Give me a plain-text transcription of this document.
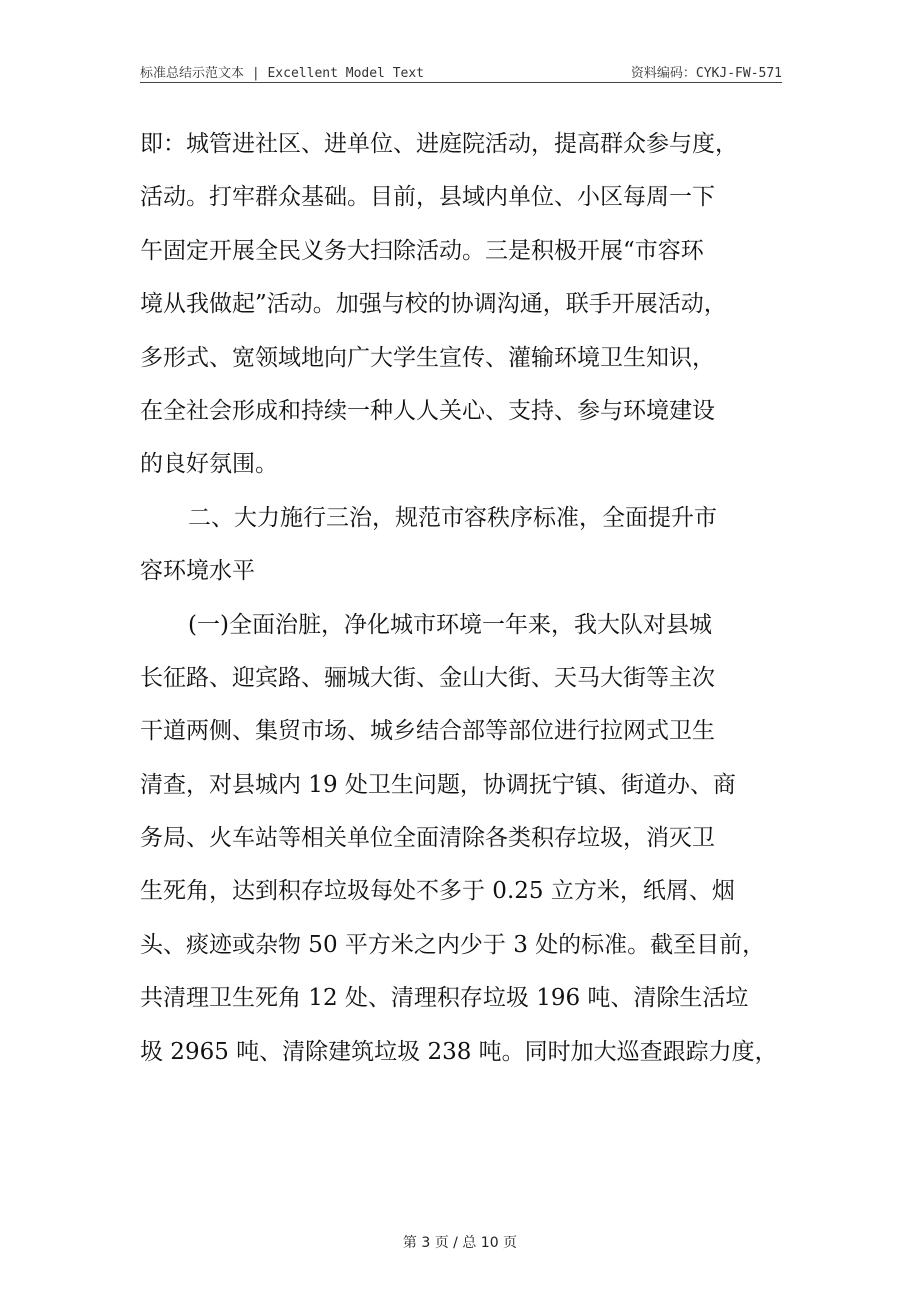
标准总结示范文本 | Excellent Model Text	资料编码：CYKJ-FW-571
即：城管进社区、进单位、进庭院活动，提高群众参与度，
活动。打牢群众基础。目前，县域内单位、小区每周一下
午固定开展全民义务大扫除活动。三是积极开展“市容环
境从我做起”活动。加强与校的协调沟通，联手开展活动，
多形式、宽领域地向广大学生宣传、灌输环境卫生知识，
在全社会形成和持续一种人人关心、支持、参与环境建设
的良好氛围。
二、大力施行三治，规范市容秩序标准，全面提升市
容环境水平
(一)全面治脏，净化城市环境一年来，我大队对县城
长征路、迎宾路、骊城大街、金山大街、天马大街等主次
干道两侧、集贸市场、城乡结合部等部位进行拉网式卫生
清查，对县城内 19 处卫生问题，协调抚宁镇、街道办、商
务局、火车站等相关单位全面清除各类积存垃圾，消灭卫
生死角，达到积存垃圾每处不多于 0.25 立方米，纸屑、烟
头、痰迹或杂物 50 平方米之内少于 3 处的标准。截至目前，
共清理卫生死角 12 处、清理积存垃圾 196 吨、清除生活垃
圾 2965 吨、清除建筑垃圾 238 吨。同时加大巡查跟踪力度，
第 3 页 / 总 10 页
